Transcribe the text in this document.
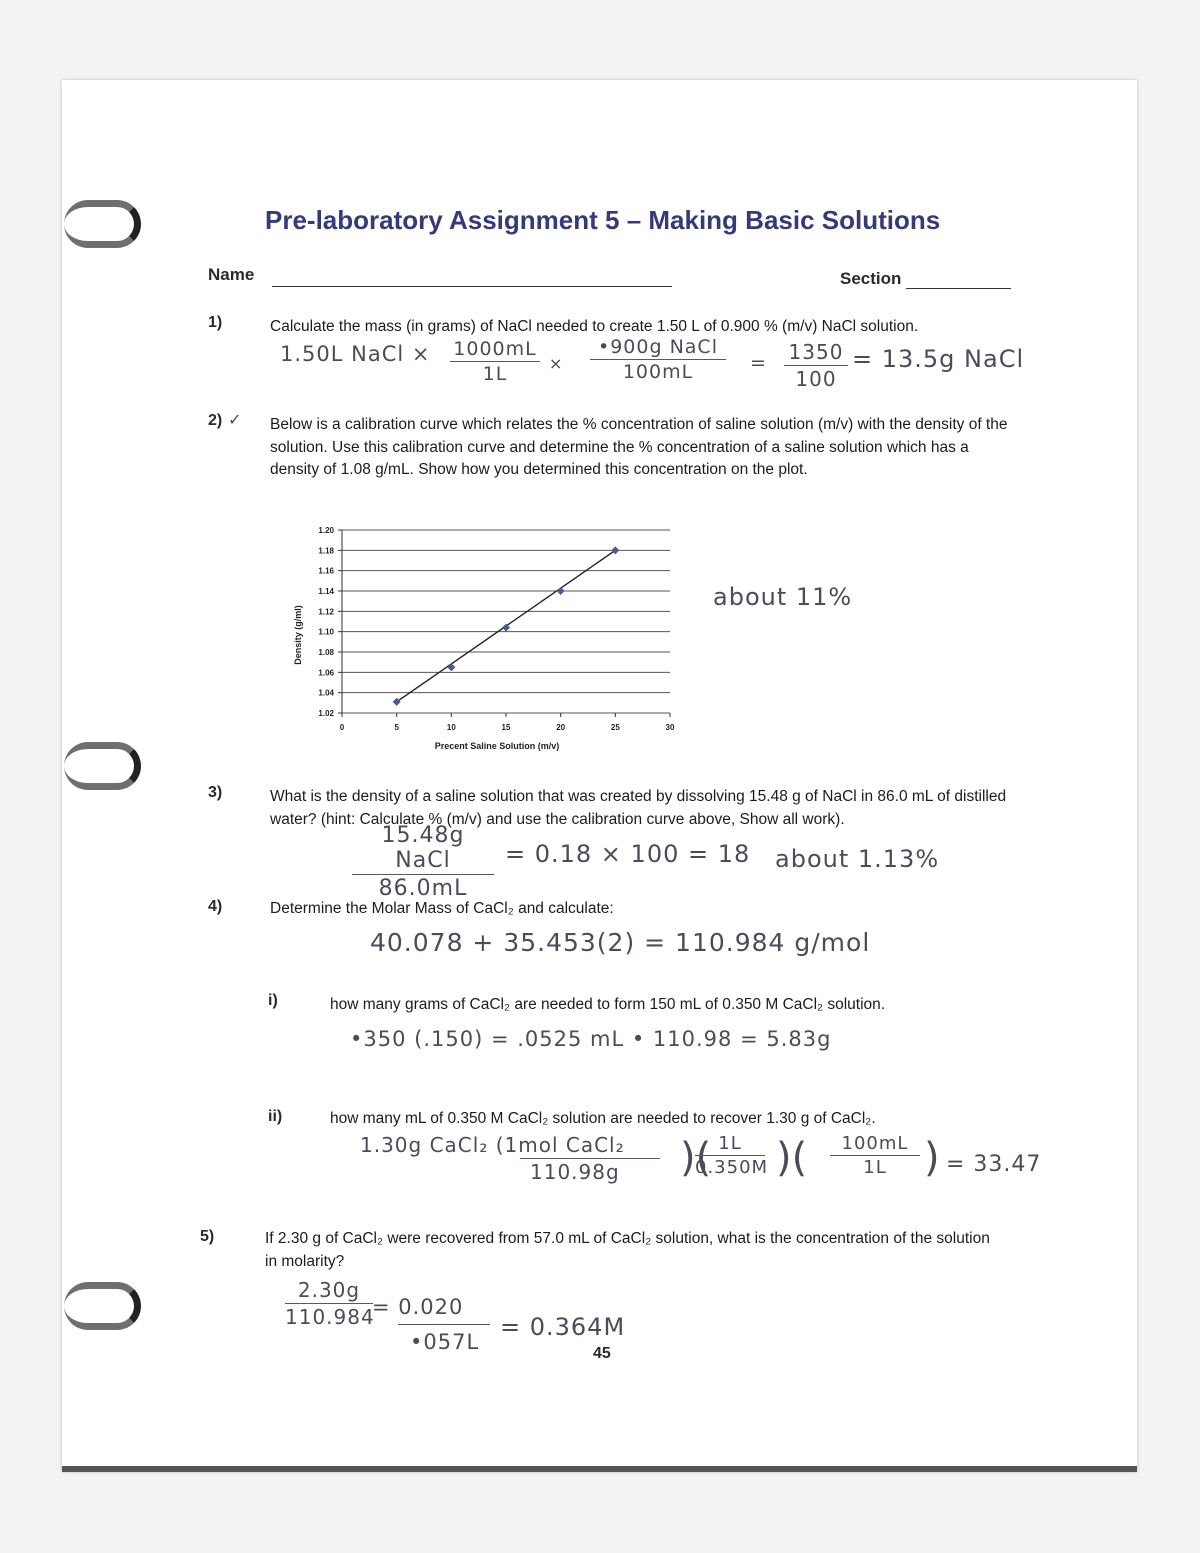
Pre-laboratory Assignment 5 – Making Basic Solutions
Name	Section
1)	Calculate the mass (in grams) of NaCl needed to create 1.50 L of 0.900 % (m/v) NaCl solution.
1.50L NaCl × 1000mL
1L	×
•900g NaCl
100mL	= 1350
100
= 13.5g NaCl
2) ✓ Below is a calibration curve which relates the % concentration of saline solution (m/v) with the density of the solution. Use this calibration curve and determine the % concentration of a saline solution which has a density of 1.08 g/mL. Show how you determined this concentration on the plot.
1.20
1.18
1.16
1.14
1.12
1.10
1.08
1.06
1.04
1.02
0	5	10	15	20	25	30
Precent Saline Solution (m/v)
Density (g/ml)
about 11%
3)	What is the density of a saline solution that was created by dissolving 15.48 g of NaCl in 86.0 mL of distilled water? (hint: Calculate % (m/v) and use the calibration curve above, Show all work).
15.48g NaCl
86.0mL
= 0.18 × 100 = 18 about 1.13%
4)	Determine the Molar Mass of CaCl₂ and calculate:
40.078 + 35.453(2) = 110.984 g/mol
i)	how many grams of CaCl₂ are needed to form 150 mL of 0.350 M CaCl₂ solution.
•350 (.150) = .0525 mL • 110.98 = 5.83g
ii)	how many mL of 0.350 M CaCl₂ solution are needed to recover 1.30 g of CaCl₂.
1.30g CaCl₂ (1mol CaCl₂
110.98g	)( 1L
0.350M )(	100mL
1L ) = 33.47
5)	If 2.30 g of CaCl₂ were recovered from 57.0 mL of CaCl₂ solution, what is the concentration of the solution in molarity?
2.30g
110.984
= 0.020
•057L
= 0.364M
45
